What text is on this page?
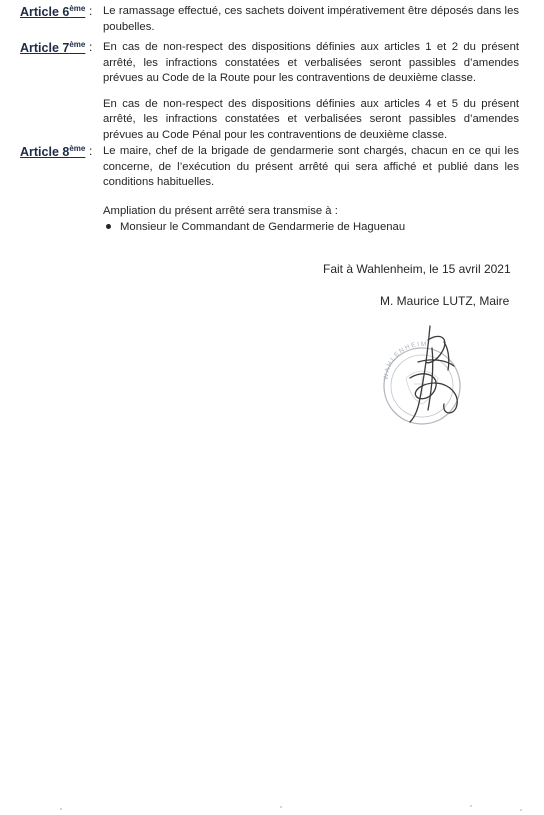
Article 6ème : Le ramassage effectué, ces sachets doivent impérativement être déposés dans les poubelles.

Article 7ème : En cas de non-respect des dispositions définies aux articles 1 et 2 du présent arrêté, les infractions constatées et verbalisées seront passibles d’amendes prévues au Code de la Route pour les contraventions de deuxième classe.

En cas de non-respect des dispositions définies aux articles 4 et 5 du présent arrêté, les infractions constatées et verbalisées seront passibles d’amendes prévues au Code Pénal pour les contraventions de deuxième classe.

Article 8ème : Le maire, chef de la brigade de gendarmerie sont chargés, chacun en ce qui les concerne, de l’exécution du présent arrêté qui sera affiché et publié dans les conditions habituelles.

Ampliation du présent arrêté sera transmise à :
Monsieur le Commandant de Gendarmerie de Haguenau
Fait à Wahlenheim, le 15 avril 2021
M. Maurice LUTZ, Maire
WAHLENHEIM
